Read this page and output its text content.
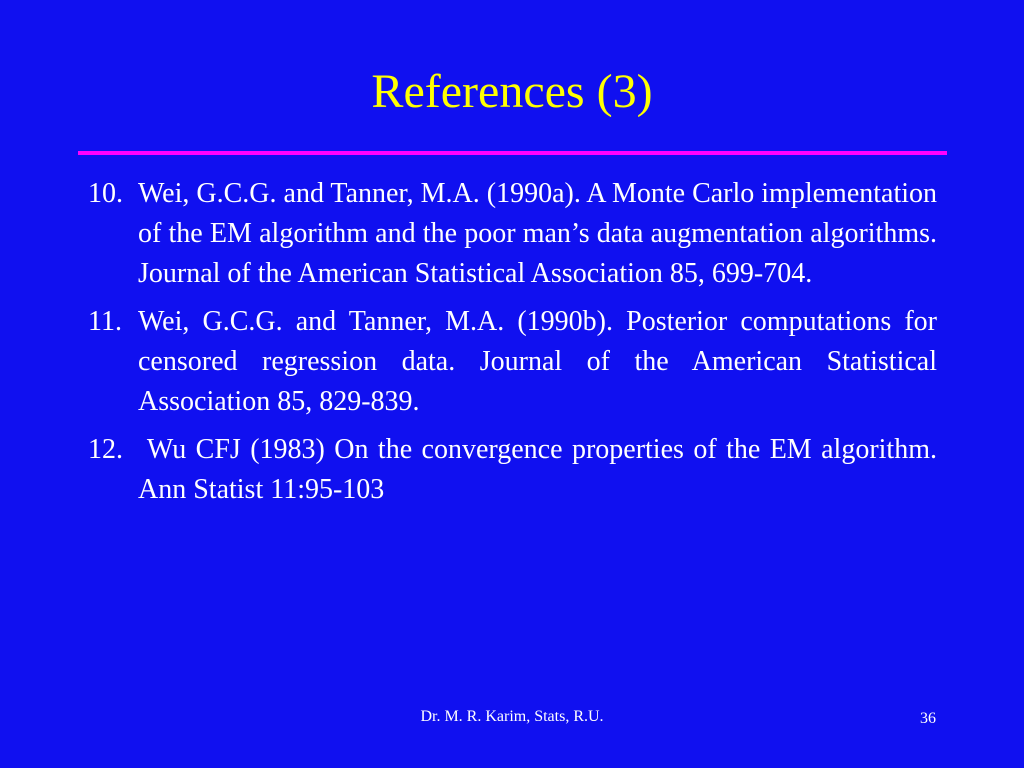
References (3)
10. Wei, G.C.G. and Tanner, M.A. (1990a). A Monte Carlo implementation of the EM algorithm and the poor man’s data augmentation algorithms. Journal of the American Statistical Association 85, 699-704.
11. Wei, G.C.G. and Tanner, M.A. (1990b). Posterior computations for censored regression data. Journal of the American Statistical Association 85, 829-839.
12. Wu CFJ (1983) On the convergence properties of the EM algorithm. Ann Statist 11:95-103
Dr. M. R. Karim, Stats, R.U.	36
